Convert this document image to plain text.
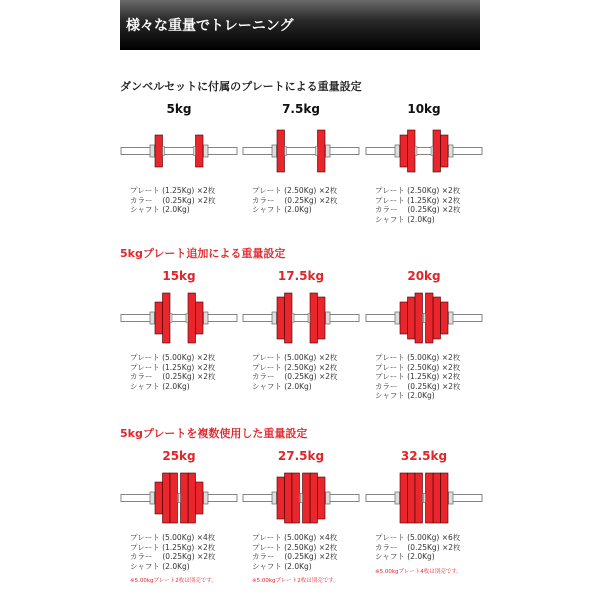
様々な重量でトレーニング
ダンベルセットに付属のプレートによる重量設定
5kg
プレート (1.25Kg) ×2枚
カラー　 (0.25Kg) ×2枚
シャフト (2.0Kg)
7.5kg
プレート (2.50Kg) ×2枚
カラー　 (0.25Kg) ×2枚
シャフト (2.0Kg)
10kg
プレート (2.50Kg) ×2枚
プレート (1.25Kg) ×2枚
カラー　 (0.25Kg) ×2枚
シャフト (2.0Kg)
5kgプレート追加による重量設定
15kg
プレート (5.00Kg) ×2枚
プレート (1.25Kg) ×2枚
カラー　 (0.25Kg) ×2枚
シャフト (2.0Kg)
17.5kg
プレート (5.00Kg) ×2枚
プレート (2.50Kg) ×2枚
カラー　 (0.25Kg) ×2枚
シャフト (2.0Kg)
20kg
プレート (5.00Kg) ×2枚
プレート (2.50Kg) ×2枚
プレート (1.25Kg) ×2枚
カラー　 (0.25Kg) ×2枚
シャフト (2.0Kg)
5kgプレートを複数使用した重量設定
25kg
プレート (5.00Kg) ×4枚
プレート (1.25Kg) ×2枚
カラー　 (0.25Kg) ×2枚
シャフト (2.0Kg)
※5.00kgプレート2枚は別売です。
27.5kg
プレート (5.00Kg) ×4枚
プレート (2.50Kg) ×2枚
カラー　 (0.25Kg) ×2枚
シャフト (2.0Kg)
※5.00kgプレート2枚は別売です。
32.5kg
プレート (5.00Kg) ×6枚
カラー　 (0.25Kg) ×2枚
シャフト (2.0Kg)
※5.00kgプレート4枚は別売です。
